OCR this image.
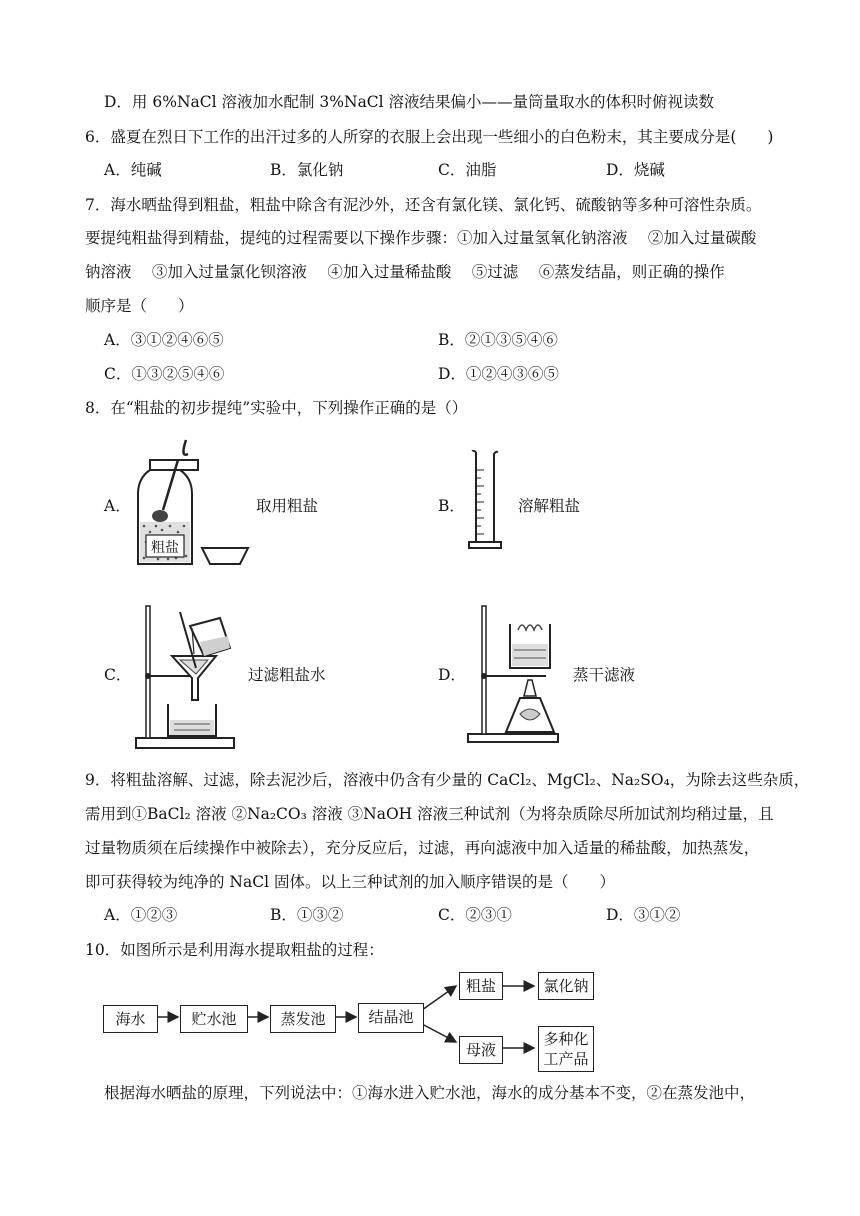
D．用 6%NaCl 溶液加水配制 3%NaCl 溶液结果偏小——量筒量取水的体积时俯视读数
6．盛夏在烈日下工作的出汗过多的人所穿的衣服上会出现一些细小的白色粉末，其主要成分是(　　)
A．纯碱	B．氯化钠	C．油脂	D．烧碱
7．海水晒盐得到粗盐，粗盐中除含有泥沙外，还含有氯化镁、氯化钙、硫酸钠等多种可溶性杂质。
要提纯粗盐得到精盐，提纯的过程需要以下操作步骤：①加入过量氢氧化钠溶液　 ②加入过量碳酸
钠溶液　 ③加入过量氯化钡溶液　 ④加入过量稀盐酸　 ⑤过滤　 ⑥蒸发结晶，则正确的操作
顺序是（　　）
A．③①②④⑥⑤	B．②①③⑤④⑥
C．①③②⑤④⑥	D．①②④③⑥⑤
8．在“粗盐的初步提纯”实验中，下列操作正确的是（）
A．
粗盐
取用粗盐	B．	溶解粗盐
C．	过滤粗盐水	D．	蒸干滤液
9．将粗盐溶解、过滤，除去泥沙后，溶液中仍含有少量的 CaCl₂、MgCl₂、Na₂SO₄，为除去这些杂质，
需用到①BaCl₂ 溶液 ②Na₂CO₃ 溶液 ③NaOH 溶液三种试剂（为将杂质除尽所加试剂均稍过量，且
过量物质须在后续操作中被除去），充分反应后，过滤，再向滤液中加入适量的稀盐酸，加热蒸发，
即可获得较为纯净的 NaCl 固体。以上三种试剂的加入顺序错误的是（　　）
A．①②③	B．①③②	C．②③①	D．③①②
10．如图所示是利用海水提取粗盐的过程：
海水	贮水池	蒸发池	结晶池
粗盐	氯化钠
母液
多种化
工产品
根据海水晒盐的原理，下列说法中：①海水进入贮水池，海水的成分基本不变，②在蒸发池中，
